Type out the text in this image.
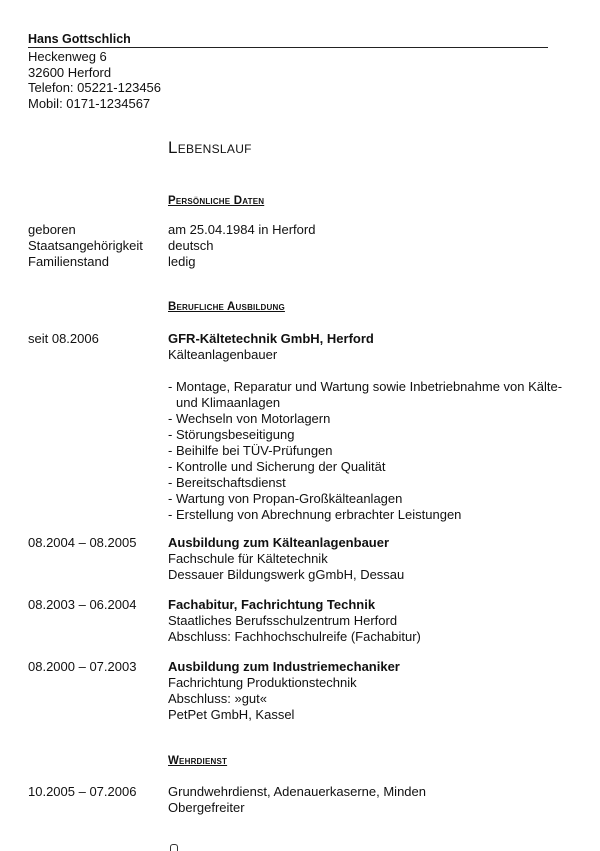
Hans Gottschlich
Heckenweg 6
32600 Herford
Telefon: 05221-123456
Mobil: 0171-1234567
Lebenslauf
Persönliche Daten
geboren	am 25.04.1984 in Herford
Staatsangehörigkeit	deutsch
Familienstand	ledig
Berufliche Ausbildung
seit 08.2006	GFR-Kältetechnik GmbH, Herford
Kälteanlagenbauer
- Montage, Reparatur und Wartung sowie Inbetriebnahme von Kälte- und Klimaanlagen
- Wechseln von Motorlagern
- Störungsbeseitigung
- Beihilfe bei TÜV-Prüfungen
- Kontrolle und Sicherung der Qualität
- Bereitschaftsdienst
- Wartung von Propan-Großkälteanlagen
- Erstellung von Abrechnung erbrachter Leistungen
08.2004 – 08.2005	Ausbildung zum Kälteanlagenbauer
Fachschule für Kältetechnik
Dessauer Bildungswerk gGmbH, Dessau
08.2003 – 06.2004	Fachabitur, Fachrichtung Technik
Staatliches Berufsschulzentrum Herford
Abschluss: Fachhochschulreife (Fachabitur)
08.2000 – 07.2003	Ausbildung zum Industriemechaniker
Fachrichtung Produktionstechnik
Abschluss: »gut«
PetPet GmbH, Kassel
Wehrdienst
10.2005 – 07.2006	Grundwehrdienst, Adenauerkaserne, Minden
Obergefreiter
